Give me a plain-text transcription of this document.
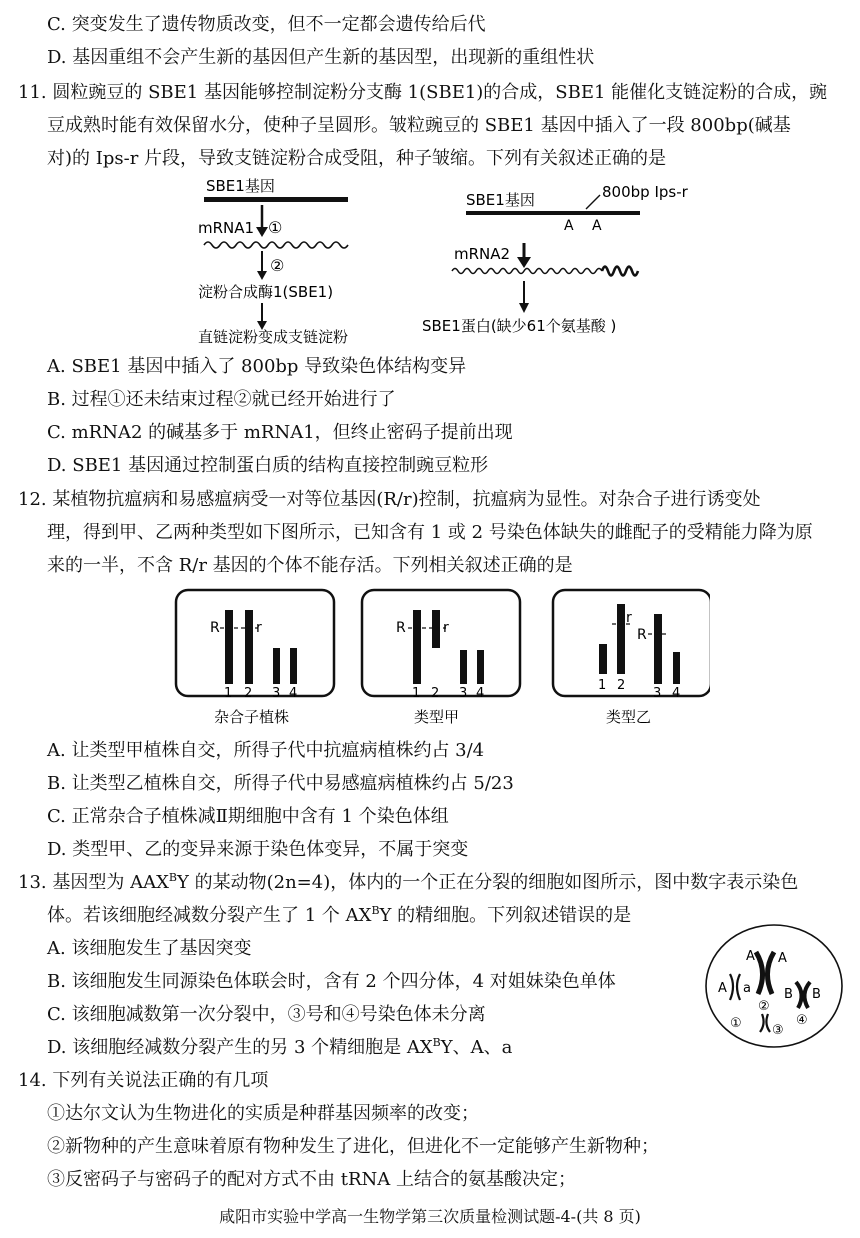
C. 突变发生了遗传物质改变，但不一定都会遗传给后代
D. 基因重组不会产生新的基因但产生新的基因型，出现新的重组性状
11. 圆粒豌豆的 SBE1 基因能够控制淀粉分支酶 1(SBE1)的合成，SBE1 能催化支链淀粉的合成，豌
豆成熟时能有效保留水分，使种子呈圆形。皱粒豌豆的 SBE1 基因中插入了一段 800bp(碱基
对)的 Ips-r 片段，导致支链淀粉合成受阻，种子皱缩。下列有关叙述正确的是
SBE1基因
mRNA1 ①
②
淀粉合成酶1(SBE1)
直链淀粉变成支链淀粉
SBE1基因	800bp Ips-r
A A
mRNA2
SBE1蛋白(缺少61个氨基酸 )
A. SBE1 基因中插入了 800bp 导致染色体结构变异
B. 过程①还未结束过程②就已经开始进行了
C. mRNA2 的碱基多于 mRNA1，但终止密码子提前出现
D. SBE1 基因通过控制蛋白质的结构直接控制豌豆粒形
12. 某植物抗瘟病和易感瘟病受一对等位基因(R/r)控制，抗瘟病为显性。对杂合子进行诱变处
理，得到甲、乙两种类型如下图所示，已知含有 1 或 2 号染色体缺失的雌配子的受精能力降为原
来的一半，不含 R/r 基因的个体不能存活。下列相关叙述正确的是
R	r
1 2 3 4
杂合子植株
R	r
1 2 3 4
类型甲
r
R
1 2
3 4
类型乙
A. 让类型甲植株自交，所得子代中抗瘟病植株约占 3/4
B. 让类型乙植株自交，所得子代中易感瘟病植株约占 5/23
C. 正常杂合子植株减Ⅱ期细胞中含有 1 个染色体组
D. 类型甲、乙的变异来源于染色体变异，不属于突变
13. 基因型为 $AAX^BY$ 的某动物(2n=4)，体内的一个正在分裂的细胞如图所示，图中数字表示染色
体。若该细胞经减数分裂产生了 1 个 $AX^BY$ 的精细胞。下列叙述错误的是
A. 该细胞发生了基因突变
B. 该细胞发生同源染色体联会时，含有 2 个四分体，4 对姐妹染色单体
C. 该细胞减数第一次分裂中，③号和④号染色体未分离
D. 该细胞经减数分裂产生的另 3 个精细胞是 $AX^BY$、A、a
A a
①
A A
②
③
B B
④
14. 下列有关说法正确的有几项
①达尔文认为生物进化的实质是种群基因频率的改变；
②新物种的产生意味着原有物种发生了进化，但进化不一定能够产生新物种；
③反密码子与密码子的配对方式不由 tRNA 上结合的氨基酸决定；
咸阳市实验中学高一生物学第三次质量检测试题-4-(共 8 页)
